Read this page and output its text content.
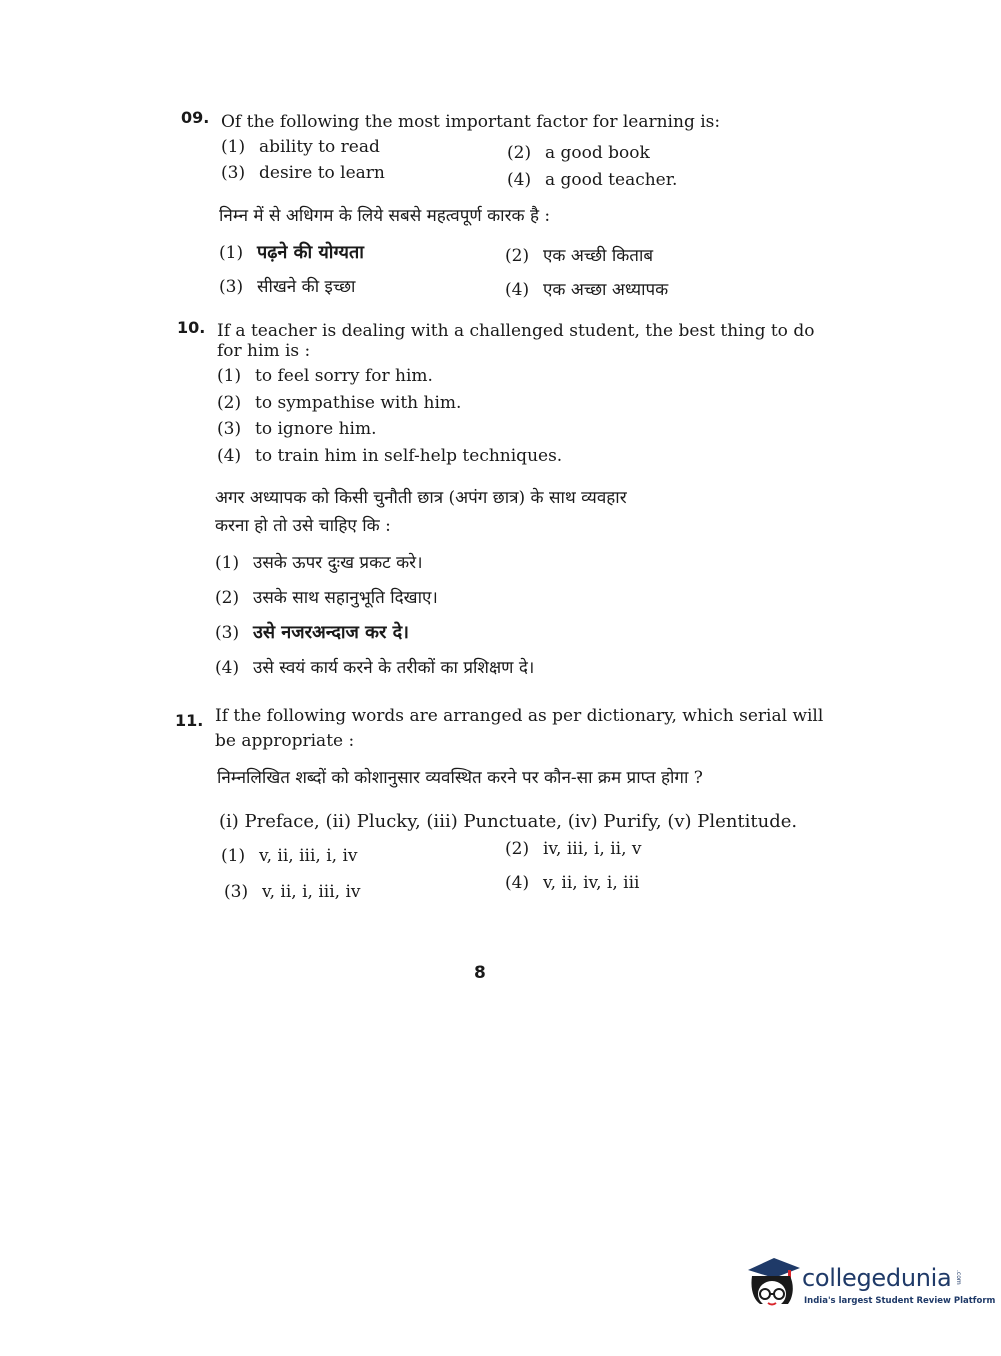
09. Of the following the most important factor for learning is:
(1) ability to read	(2) a good book
(3) desire to learn	(4) a good teacher.
निम्न में से अधिगम के लिये सबसे महत्वपूर्ण कारक है :
(1) पढ़ने की योग्यता	(2) एक अच्छी किताब
(3) सीखने की इच्छा	(4) एक अच्छा अध्यापक
10. If a teacher is dealing with a challenged student, the best thing to do
for him is :
(1) to feel sorry for him.
(2) to sympathise with him.
(3) to ignore him.
(4) to train him in self-help techniques.
अगर अध्यापक को किसी चुनौती छात्र (अपंग छात्र) के साथ व्यवहार
करना हो तो उसे चाहिए कि :
(1) उसके ऊपर दुःख प्रकट करे।
(2) उसके साथ सहानुभूति दिखाए।
(3) उसे नजरअन्दाज कर दे।
(4) उसे स्वयं कार्य करने के तरीकों का प्रशिक्षण दे।
11. If the following words are arranged as per dictionary, which serial will
be appropriate :
निम्नलिखित शब्दों को कोशानुसार व्यवस्थित करने पर कौन-सा क्रम प्राप्त होगा ?
(i) Preface, (ii) Plucky, (iii) Punctuate, (iv) Purify, (v) Plentitude.
(1) v, ii, iii, i, iv	(2) iv, iii, i, ii, v
(3) v, ii, i, iii, iv	(4) v, ii, iv, i, iii
8
collegedunia .com
India's largest Student Review Platform
